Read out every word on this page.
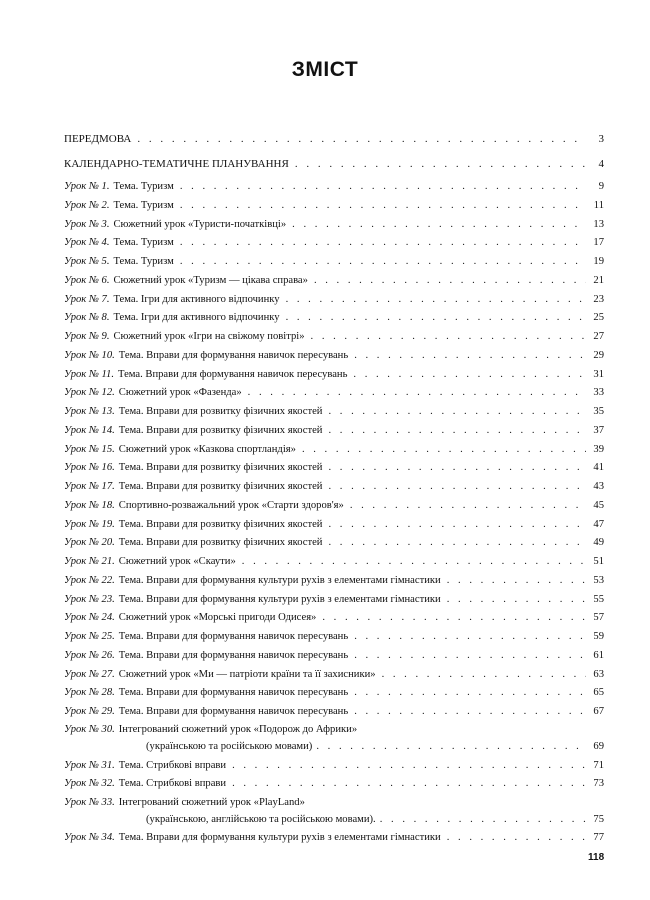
ЗМІСТ
ПЕРЕДМОВА . . .	3
КАЛЕНДАРНО-ТЕМАТИЧНЕ ПЛАНУВАННЯ . . .	4
Урок № 1. Тема. Туризм . . .	9
Урок № 2. Тема. Туризм . . .	11
Урок № 3. Сюжетний урок «Туристи-початківці» . . .	13
Урок № 4. Тема. Туризм . . .	17
Урок № 5. Тема. Туризм . . .	19
Урок № 6. Сюжетний урок «Туризм — цікава справа» . . .	21
Урок № 7. Тема. Ігри для активного відпочинку . . .	23
Урок № 8. Тема. Ігри для активного відпочинку . . .	25
Урок № 9. Сюжетний урок «Ігри на свіжому повітрі» . . .	27
Урок № 10. Тема. Вправи для формування навичок пересувань . . .	29
Урок № 11. Тема. Вправи для формування навичок пересувань . . .	31
Урок № 12. Сюжетний урок «Фазенда» . . .	33
Урок № 13. Тема. Вправи для розвитку фізичних якостей . . .	35
Урок № 14. Тема. Вправи для розвитку фізичних якостей . . .	37
Урок № 15. Сюжетний урок «Казкова спортландія» . . .	39
Урок № 16. Тема. Вправи для розвитку фізичних якостей . . .	41
Урок № 17. Тема. Вправи для розвитку фізичних якостей . . .	43
Урок № 18. Спортивно-розважальний урок «Старти здоров'я» . . .	45
Урок № 19. Тема. Вправи для розвитку фізичних якостей . . .	47
Урок № 20. Тема. Вправи для розвитку фізичних якостей . . .	49
Урок № 21. Сюжетний урок «Скаути» . . .	51
Урок № 22. Тема. Вправи для формування культури рухів з елементами гімнастики . . .	53
Урок № 23. Тема. Вправи для формування культури рухів з елементами гімнастики . . .	55
Урок № 24. Сюжетний урок «Морські пригоди Одисея» . . .	57
Урок № 25. Тема. Вправи для формування навичок пересувань . . .	59
Урок № 26. Тема. Вправи для формування навичок пересувань . . .	61
Урок № 27. Сюжетний урок «Ми — патріоти країни та її захисники» . . .	63
Урок № 28. Тема. Вправи для формування навичок пересувань . . .	65
Урок № 29. Тема. Вправи для формування навичок пересувань . . .	67
Урок № 30. Інтегрований сюжетний урок «Подорож до Африки»
(українською та російською мовами) . . .	69
Урок № 31. Тема. Стрибкові вправи . . .	71
Урок № 32. Тема. Стрибкові вправи . . .	73
Урок № 33. Інтегрований сюжетний урок «PlayLand»
(українською, англійською та російською мовами). . . .	75
Урок № 34. Тема. Вправи для формування культури рухів з елементами гімнастики . . .	77
118
